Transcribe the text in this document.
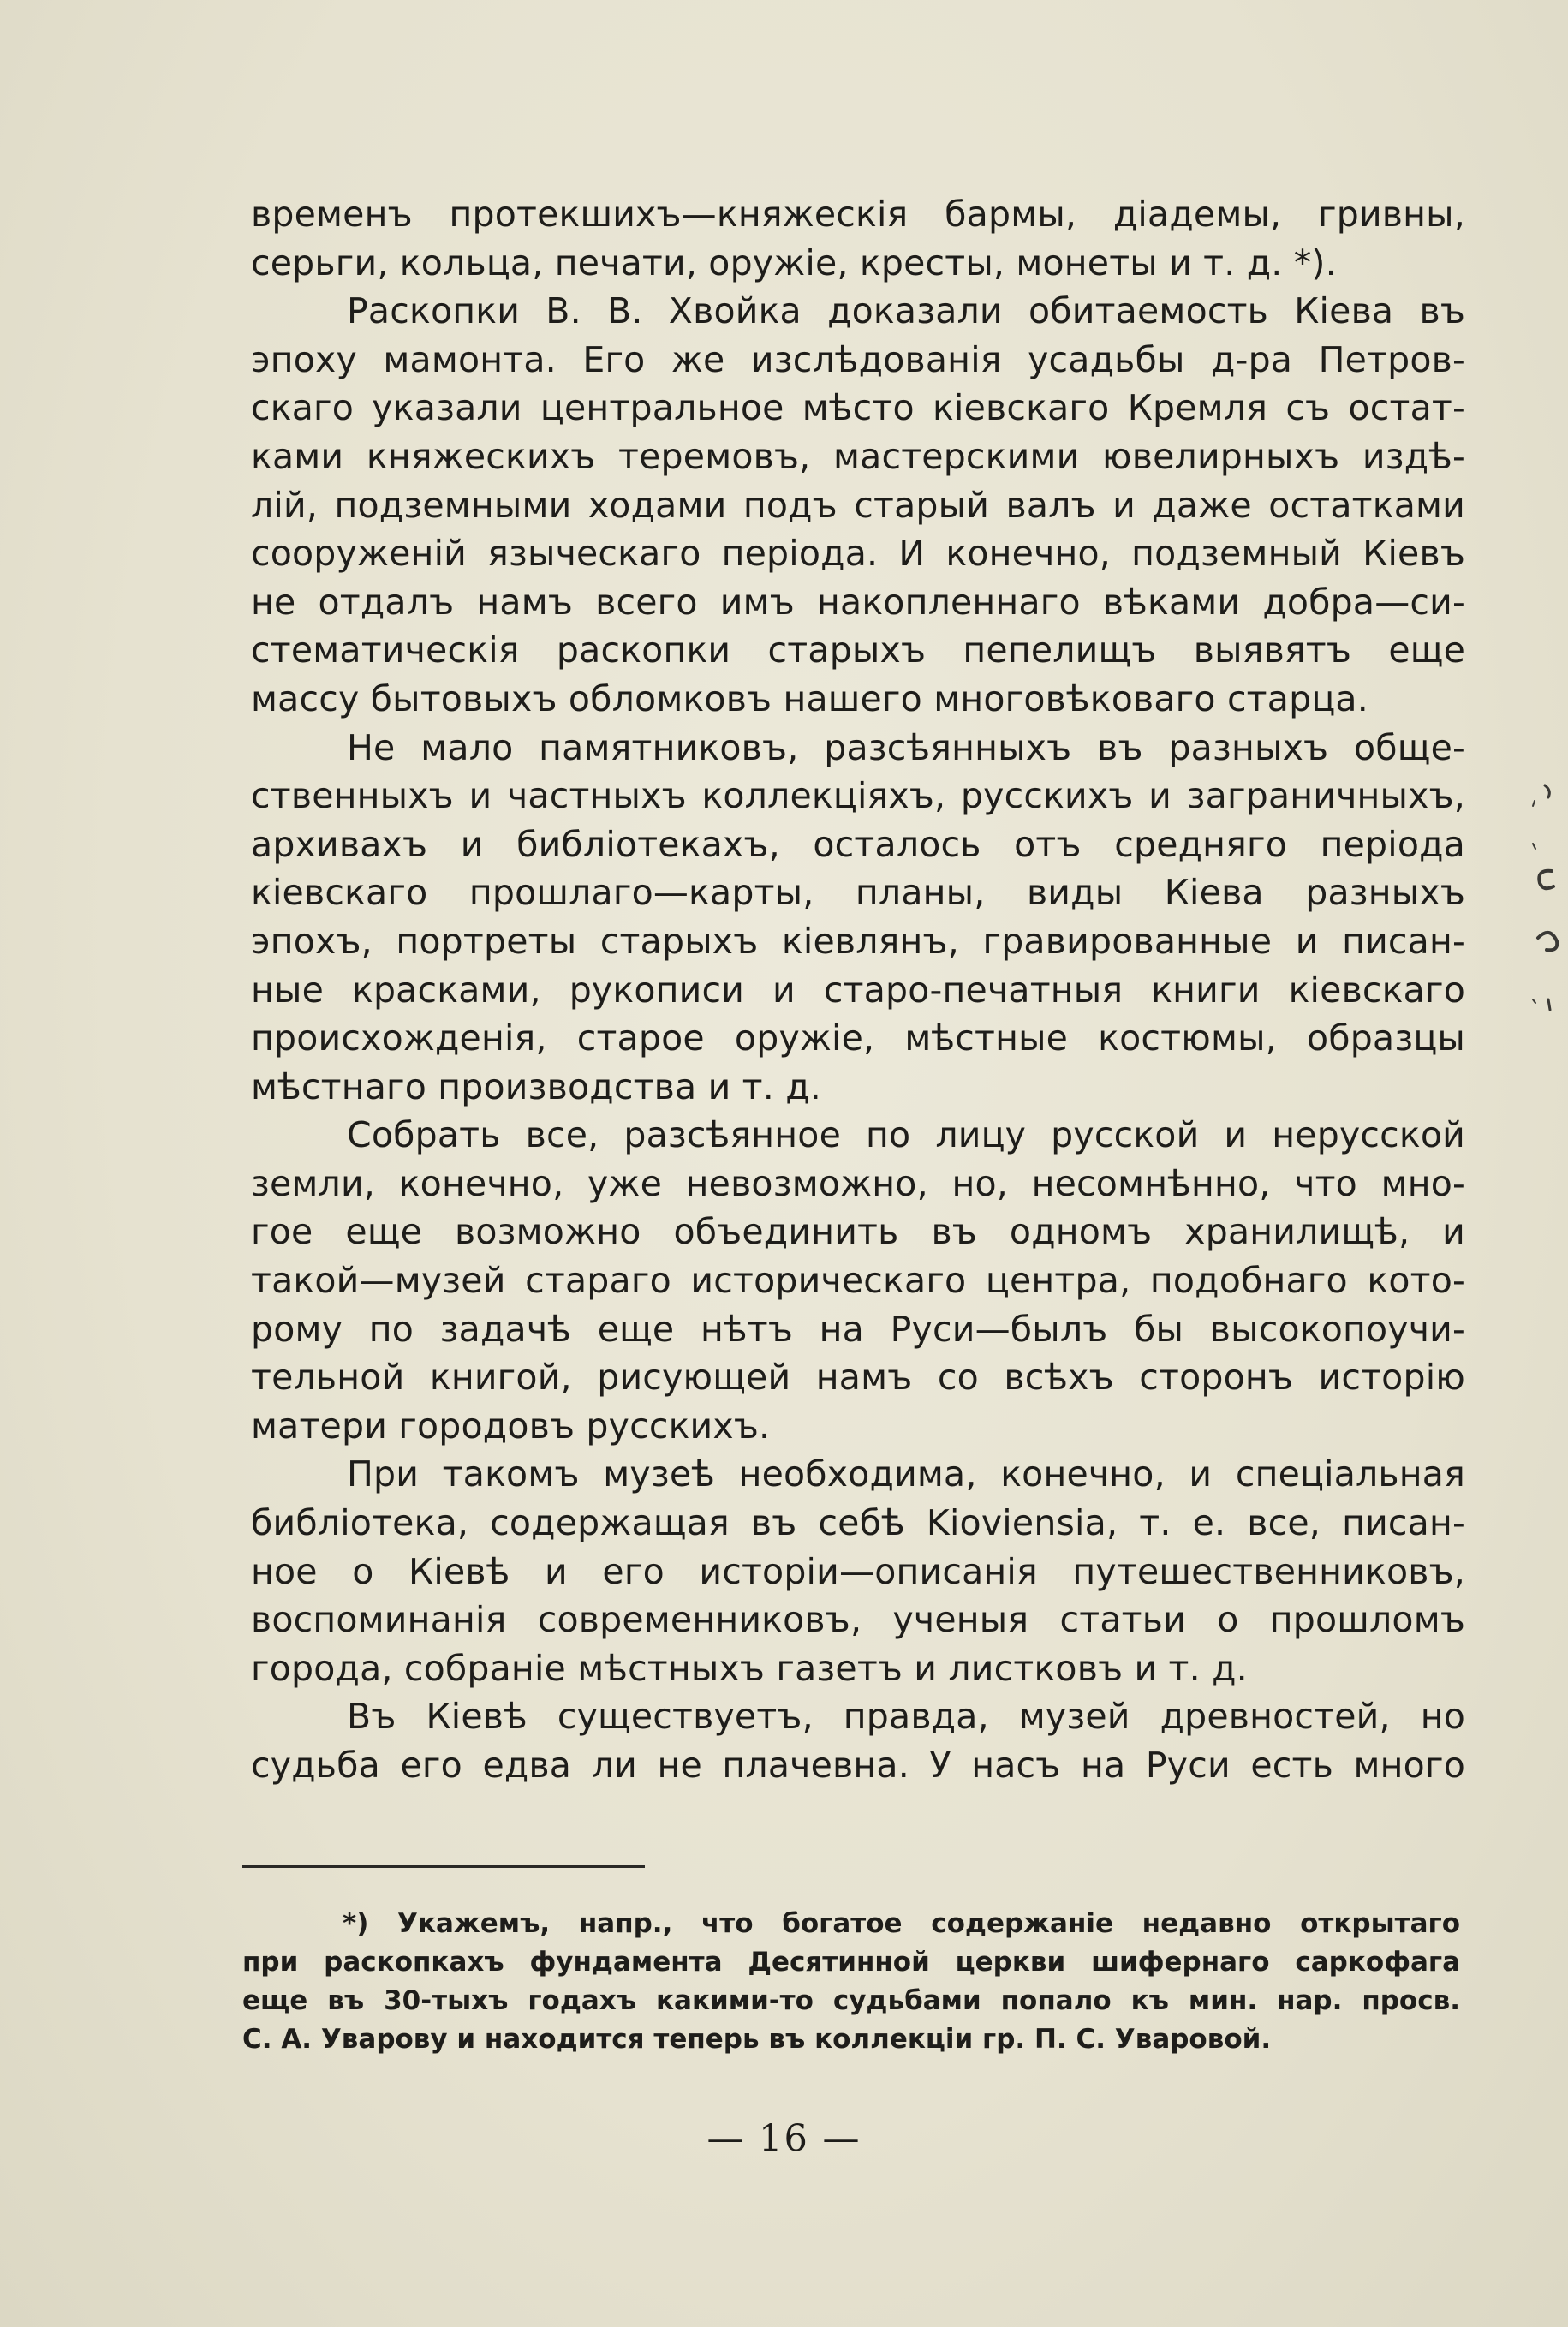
временъ протекшихъ—княжескія бармы, діадемы, гривны,
серьги, кольца, печати, оружіе, кресты, монеты и т. д. *).
Раскопки В. В. Хвойка доказали обитаемость Кіева въ
эпоху мамонта. Его же изслѣдованія усадьбы д-ра Петров-
скаго указали центральное мѣсто кіевскаго Кремля съ остат-
ками княжескихъ теремовъ, мастерскими ювелирныхъ издѣ-
лій, подземными ходами подъ старый валъ и даже остатками
сооруженій языческаго періода. И конечно, подземный Кіевъ
не отдалъ намъ всего имъ накопленнаго вѣками добра—си-
стематическія раскопки старыхъ пепелищъ выявятъ еще
массу бытовыхъ обломковъ нашего многовѣковаго старца.
Не мало памятниковъ, разсѣянныхъ въ разныхъ обще-
ственныхъ и частныхъ коллекціяхъ, русскихъ и заграничныхъ,
архивахъ и библіотекахъ, осталось отъ средняго періода
кіевскаго прошлаго—карты, планы, виды Кіева разныхъ
эпохъ, портреты старыхъ кіевлянъ, гравированные и писан-
ные красками, рукописи и старо-печатныя книги кіевскаго
происхожденія, старое оружіе, мѣстные костюмы, образцы
мѣстнаго производства и т. д.
Собрать все, разсѣянное по лицу русской и нерусской
земли, конечно, уже невозможно, но, несомнѣнно, что мно-
гое еще возможно объединить въ одномъ хранилищѣ, и
такой—музей стараго историческаго центра, подобнаго кото-
рому по задачѣ еще нѣтъ на Руси—былъ бы высокопоучи-
тельной книгой, рисующей намъ со всѣхъ сторонъ исторію
матери городовъ русскихъ.
При такомъ музеѣ необходима, конечно, и спеціальная
библіотека, содержащая въ себѣ Kioviensia, т. е. все, писан-
ное о Кіевѣ и его исторіи—описанія путешественниковъ,
воспоминанія современниковъ, ученыя статьи о прошломъ
города, собраніе мѣстныхъ газетъ и листковъ и т. д.
Въ Кіевѣ существуетъ, правда, музей древностей, но
судьба его едва ли не плачевна. У насъ на Руси есть много
*) Укажемъ, напр., что богатое содержаніе недавно открытаго
при раскопкахъ фундамента Десятинной церкви шифернаго саркофага
еще въ 30-тыхъ годахъ какими-то судьбами попало къ мин. нар. просв.
С. А. Уварову и находится теперь въ коллекціи гр. П. С. Уваровой.
— 16 —
